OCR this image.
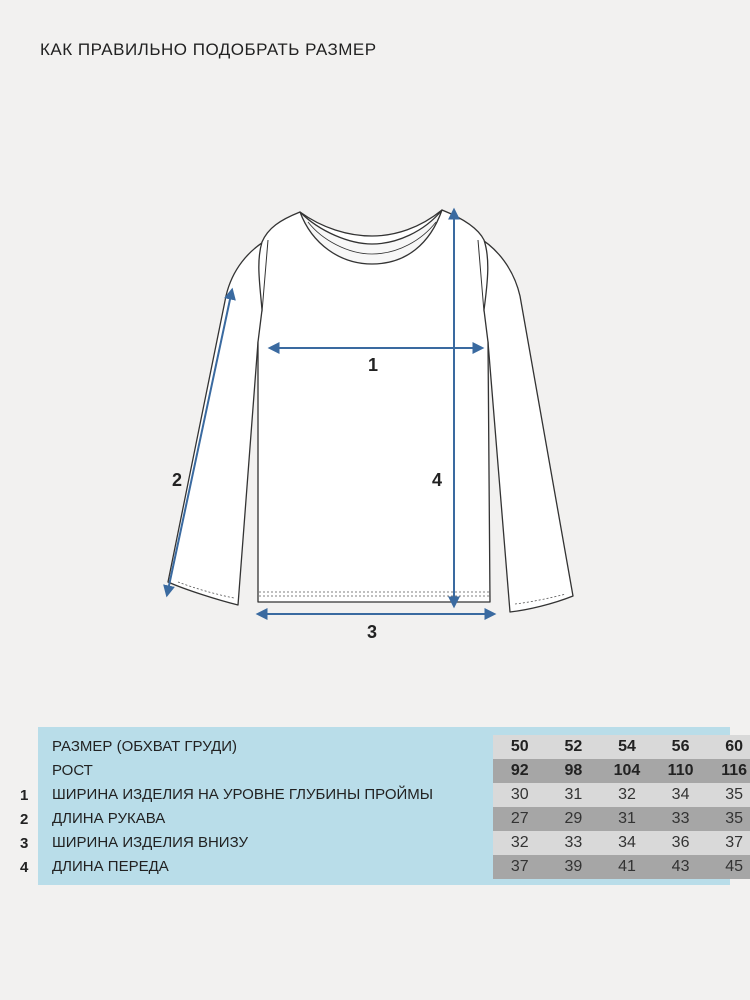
КАК ПРАВИЛЬНО ПОДОБРАТЬ РАЗМЕР
1
2
3
4
РАЗМЕР (ОБХВАТ ГРУДИ)	50	52	54	56	60
РОСТ	92	98	104	110	116
ШИРИНА ИЗДЕЛИЯ НА УРОВНЕ ГЛУБИНЫ ПРОЙМЫ	30	31	32	34	35
ДЛИНА РУКАВА	27	29	31	33	35
ШИРИНА ИЗДЕЛИЯ ВНИЗУ	32	33	34	36	37
ДЛИНА ПЕРЕДА	37	39	41	43	45
1
2
3
4
